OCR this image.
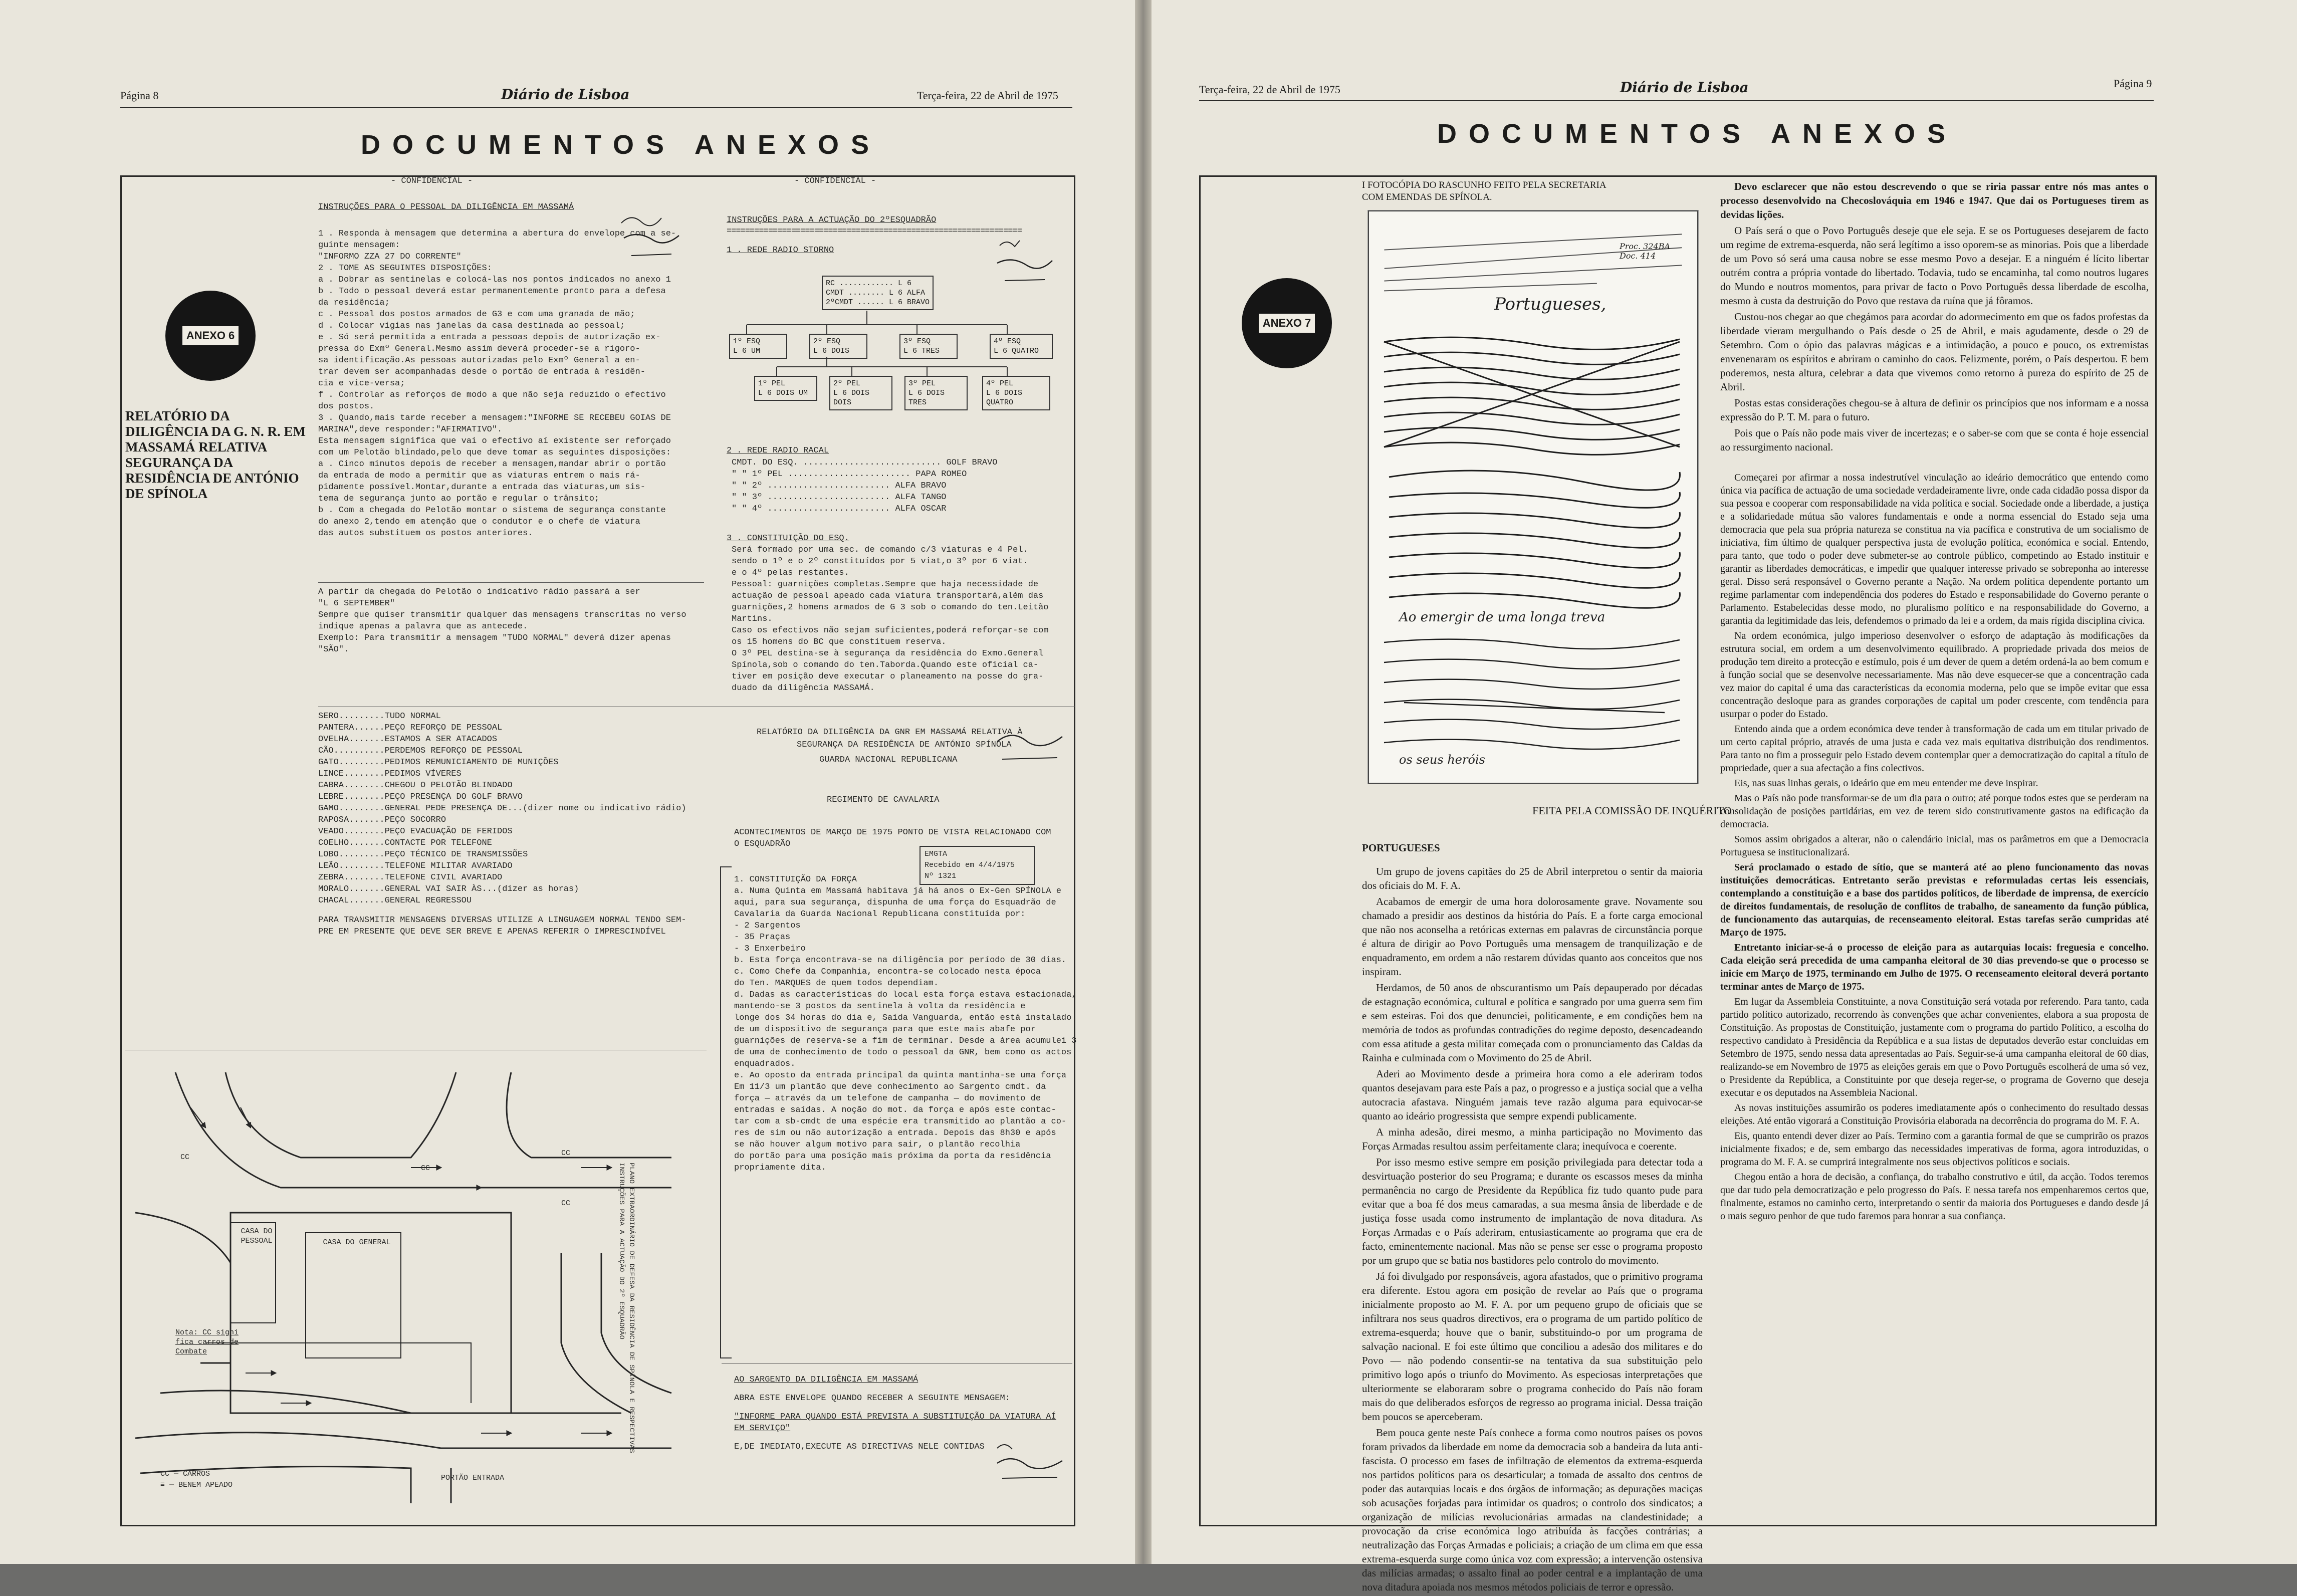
Página 8	Diário de Lisboa	Terça-feira, 22 de Abril de 1975
DOCUMENTOS ANEXOS
ANEXO 6
RELATÓRIO DA DILIGÊNCIA DA G. N. R. EM MASSAMÁ RELATIVA SEGURANÇA DA RESIDÊNCIA DE ANTÓNIO DE SPÍNOLA
- CONFIDENCIAL -
INSTRUÇÕES PARA O PESSOAL DA DILIGÊNCIA EM MASSAMÁ
1 . Responda à mensagem que determina a abertura do envelope com a se-
guinte mensagem:
"INFORMO ZZA 27 DO CORRENTE"
2 . TOME AS SEGUINTES DISPOSIÇÕES:
a . Dobrar as sentinelas e colocá-las nos pontos indicados no anexo 1
b . Todo o pessoal deverá estar permanentemente pronto para a defesa
da residência;
c . Pessoal dos postos armados de G3 e com uma granada de mão;
d . Colocar vigias nas janelas da casa destinada ao pessoal;
e . Só será permitida a entrada a pessoas depois de autorização ex-
pressa do Exmº General.Mesmo assim deverá proceder-se a rigoro-
sa identificação.As pessoas autorizadas pelo Exmº General a en-
trar devem ser acompanhadas desde o portão de entrada à residên-
cia e vice-versa;
f . Controlar as reforços de modo a que não seja reduzido o efectivo
dos postos.
3 . Quando,mais tarde receber a mensagem:"INFORME SE RECEBEU GOIAS DE
MARINA",deve responder:"AFIRMATIVO".
Esta mensagem significa que vai o efectivo aí existente ser reforçado
com um Pelotão blindado,pelo que deve tomar as seguintes disposições:
a . Cinco minutos depois de receber a mensagem,mandar abrir o portão
da entrada de modo a permitir que as viaturas entrem o mais rá-
pidamente possível.Montar,durante a entrada das viaturas,um sis-
tema de segurança junto ao portão e regular o trânsito;
b . Com a chegada do Pelotão montar o sistema de segurança constante
do anexo 2,tendo em atenção que o condutor e o chefe de viatura
das autos substituem os postos anteriores.
A partir da chegada do Pelotão o indicativo rádio passará a ser
"L 6 SEPTEMBER"
Sempre que quiser transmitir qualquer das mensagens transcritas no verso
indique apenas a palavra que as antecede.
Exemplo: Para transmitir a mensagem "TUDO NORMAL" deverá dizer apenas
"SÃO".
- CONFIDENCIAL -
INSTRUÇÕES PARA A ACTUAÇÃO DO 2ºESQUADRÃO
================================================================
1 . REDE RADIO STORNO
RC ............ L 6
CMDT ........ L 6 ALFA
2ºCMDT ...... L 6 BRAVO
1º ESQ
L 6 UM
2º ESQ
L 6 DOIS
3º ESQ
L 6 TRES
4º ESQ
L 6 QUATRO
1º PEL
L 6 DOIS UM
2º PEL
L 6 DOIS DOIS
3º PEL
L 6 DOIS TRES
4º PEL
L 6 DOIS QUATRO
2 . REDE RADIO RACAL
CMDT. DO ESQ. ........................... GOLF BRAVO
" " 1º PEL ........................ PAPA ROMEO
" " 2º ........................ ALFA BRAVO
" " 3º ........................ ALFA TANGO
" " 4º ........................ ALFA OSCAR
3 . CONSTITUIÇÃO DO ESQ.
Será formado por uma sec. de comando c/3 viaturas e 4 Pel.
sendo o 1º e o 2º constituídos por 5 viat,o 3º por 6 viat.
e o 4º pelas restantes.
Pessoal: guarnições completas.Sempre que haja necessidade de
actuação de pessoal apeado cada viatura transportará,além das
guarnições,2 homens armados de G 3 sob o comando do ten.Leitão
Martins.
Caso os efectivos não sejam suficientes,poderá reforçar-se com
os 15 homens do BC que constituem reserva.
O 3º PEL destina-se à segurança da residência do Exmo.General
Spínola,sob o comando do ten.Taborda.Quando este oficial ca-
tiver em posição deve executar o planeamento na posse do gra-
duado da diligência MASSAMÁ.
SERO.........TUDO NORMAL
PANTERA......PEÇO REFORÇO DE PESSOAL
OVELHA.......ESTAMOS A SER ATACADOS
CÃO..........PERDEMOS REFORÇO DE PESSOAL
GATO.........PEDIMOS REMUNICIAMENTO DE MUNIÇÕES
LINCE........PEDIMOS VÍVERES
CABRA........CHEGOU O PELOTÃO BLINDADO
LEBRE........PEÇO PRESENÇA DO GOLF BRAVO
GAMO.........GENERAL PEDE PRESENÇA DE...(dizer nome ou indicativo rádio)
RAPOSA.......PEÇO SOCORRO
VEADO........PEÇO EVACUAÇÃO DE FERIDOS
COELHO.......CONTACTE POR TELEFONE
LOBO.........PEÇO TÉCNICO DE TRANSMISSÕES
LEÃO.........TELEFONE MILITAR AVARIADO
ZEBRA........TELEFONE CIVIL AVARIADO
MORALO.......GENERAL VAI SAIR ÀS...(dizer as horas)
CHACAL.......GENERAL REGRESSOU
PARA TRANSMITIR MENSAGENS DIVERSAS UTILIZE A LINGUAGEM NORMAL TENDO SEM-
PRE EM PRESENTE QUE DEVE SER BREVE E APENAS REFERIR O IMPRESCINDÍVEL
CASA DO PESSOAL	CASA DO GENERAL
CC
CC
CC
CC
Nota: CC signi fica carros de Combate
CC — CARROS
≡ — BENEM APEADO
PORTÃO ENTRADA
PLANO EXTRAORDINÁRIO DE DEFESA DA RESIDÊNCIA DE SPÍNOLA E RESPECTIVAS INSTRUÇÕES PARA A ACTUAÇÃO DO 2º ESQUADRÃO
RELATÓRIO DA DILIGÊNCIA DA GNR EM MASSAMÁ RELATIVA À
SEGURANÇA DA RESIDÊNCIA DE ANTÓNIO SPÍNOLA
GUARDA NACIONAL REPUBLICANA
REGIMENTO DE CAVALARIA
EMGTA
Recebido em 4/4/1975
Nº 1321
ACONTECIMENTOS DE MARÇO DE 1975 PONTO DE VISTA RELACIONADO COM
O ESQUADRÃO
1. CONSTITUIÇÃO DA FORÇA
a. Numa Quinta em Massamá habitava já há anos o Ex-Gen SPÍNOLA e
aqui, para sua segurança, dispunha de uma força do Esquadrão de
Cavalaria da Guarda Nacional Republicana constituída por:
- 2 Sargentos
- 35 Praças
- 3 Enxerbeiro
b. Esta força encontrava-se na diligência por período de 30 dias.
c. Como Chefe da Companhia, encontra-se colocado nesta época
do Ten. MARQUES de quem todos dependiam.
d. Dadas as características do local esta força estava estacionada,
mantendo-se 3 postos da sentinela à volta da residência e
longe dos 34 horas do dia e, Saída Vanguarda, então está instalado
de um dispositivo de segurança para que este mais abafe por
guarnições de reserva-se a fim de terminar. Desde a área acumulei 3
de uma de conhecimento de todo o pessoal da GNR, bem como os actos
enquadrados.
e. Ao oposto da entrada principal da quinta mantinha-se uma força
Em 11/3 um plantão que deve conhecimento ao Sargento cmdt. da
força — através da um telefone de campanha — do movimento de
entradas e saídas. A noção do mot. da força e após este contac-
tar com a sb-cmdt de uma espécie era transmitido ao plantão a co-
res de sim ou não autorização a entrada. Depois das 8h30 e após
se não houver algum motivo para sair, o plantão recolhia
do portão para uma posição mais próxima da porta da residência
propriamente dita.
AO SARGENTO DA DILIGÊNCIA EM MASSAMÁ
ABRA ESTE ENVELOPE QUANDO RECEBER A SEGUINTE MENSAGEM:
"INFORME PARA QUANDO ESTÁ PREVISTA A SUBSTITUIÇÃO DA VIATURA AÍ
EM SERVIÇO"
E,DE IMEDIATO,EXECUTE AS DIRECTIVAS NELE CONTIDAS
Terça-feira, 22 de Abril de 1975	Diário de Lisboa	Página 9
DOCUMENTOS ANEXOS
ANEXO 7
I FOTOCÓPIA DO RASCUNHO FEITO PELA SECRETARIA COM EMENDAS DE SPÍNOLA.
Proc. 324BA Doc. 414
Portugueses,
Ao emergir de uma longa treva
os seus heróis
FEITA PELA COMISSÃO DE INQUÉRITO
PORTUGUESES

Um grupo de jovens capitães do 25 de Abril interpretou o sentir da maioria dos oficiais do M. F. A.

Acabamos de emergir de uma hora dolorosamente grave. Novamente sou chamado a presidir aos destinos da história do País. E a forte carga emocional que não nos aconselha a retóricas externas em palavras de circunstância porque é altura de dirigir ao Povo Português uma mensagem de tranquilização e de enquadramento, em ordem a não restarem dúvidas quanto aos conceitos que nos inspiram.

Herdamos, de 50 anos de obscurantismo um País depauperado por décadas de estagnação económica, cultural e política e sangrado por uma guerra sem fim e sem esteiras. Foi dos que denunciei, politicamente, e em condições bem na memória de todos as profundas contradições do regime deposto, desencadeando com essa atitude a gesta militar começada com o pronunciamento das Caldas da Rainha e culminada com o Movimento do 25 de Abril.

Aderi ao Movimento desde a primeira hora como a ele aderiram todos quantos desejavam para este País a paz, o progresso e a justiça social que a velha autocracia afastava. Ninguém jamais teve razão alguma para equivocar-se quanto ao ideário progressista que sempre expendi publicamente.

A minha adesão, direi mesmo, a minha participação no Movimento das Forças Armadas resultou assim perfeitamente clara; inequívoca e coerente.

Por isso mesmo estive sempre em posição privilegiada para detectar toda a desvirtuação posterior do seu Programa; e durante os escassos meses da minha permanência no cargo de Presidente da República fiz tudo quanto pude para evitar que a boa fé dos meus camaradas, a sua mesma ânsia de liberdade e de justiça fosse usada como instrumento de implantação de nova ditadura. As Forças Armadas e o País aderiram, entusiasticamente ao programa que era de facto, eminentemente nacional. Mas não se pense ser esse o programa proposto por um grupo que se batia nos bastidores pelo controlo do movimento.

Já foi divulgado por responsáveis, agora afastados, que o primitivo programa era diferente. Estou agora em posição de revelar ao País que o programa inicialmente proposto ao M. F. A. por um pequeno grupo de oficiais que se infiltrara nos seus quadros directivos, era o programa de um partido político de extrema-esquerda; houve que o banir, substituindo-o por um programa de salvação nacional. E foi este último que conciliou a adesão dos militares e do Povo — não podendo consentir-se na tentativa da sua substituição pelo primitivo logo após o triunfo do Movimento. As especiosas interpretações que ulteriormente se elaboraram sobre o programa conhecido do País não foram mais do que deliberados esforços de regresso ao programa inicial. Dessa traição bem poucos se aperceberam.

Bem pouca gente neste País conhece a forma como noutros países os povos foram privados da liberdade em nome da democracia sob a bandeira da luta anti-fascista. O processo em fases de infiltração de elementos da extrema-esquerda nos partidos políticos para os desarticular; a tomada de assalto dos centros de poder das autarquias locais e dos órgãos de informação; as depurações maciças sob acusações forjadas para intimidar os quadros; o controlo dos sindicatos; a organização de milícias revolucionárias armadas na clandestinidade; a provocação da crise económica logo atribuída às facções contrárias; a neutralização das Forças Armadas e policiais; a criação de um clima em que essa extrema-esquerda surge como única voz com expressão; a intervenção ostensiva das milícias armadas; o assalto final ao poder central e a implantação de uma nova ditadura apoiada nos mesmos métodos policiais de terror e opressão.

Devo esclarecer que não estou descrevendo o que se riria passar entre nós mas antes o processo desenvolvido na Checoslováquia em 1946 e 1947. Que dai os Portugueses tirem as devidas lições.

O País será o que o Povo Português deseje que ele seja. E se os Portugueses desejarem de facto um regime de extrema-esquerda, não será legítimo a isso oporem-se as minorias. Pois que a liberdade de um Povo só será uma causa nobre se esse mesmo Povo a desejar. E a ninguém é lícito libertar outrém contra a própria vontade do libertado. Todavia, tudo se encaminha, tal como noutros lugares do Mundo e noutros momentos, para privar de facto o Povo Português dessa liberdade de escolha, mesmo à custa da destruição do Povo que restava da ruína que já fôramos.

Custou-nos chegar ao que chegámos para acordar do adormecimento em que os fados profestas da liberdade vieram mergulhando o País desde o 25 de Abril, e mais agudamente, desde o 29 de Setembro. Com o ópio das palavras mágicas e a intimidação, a pouco e pouco, os extremistas envenenaram os espíritos e abriram o caminho do caos. Felizmente, porém, o País despertou. E bem poderemos, nesta altura, celebrar a data que vivemos como retorno à pureza do espírito de 25 de Abril.

Postas estas considerações chegou-se à altura de definir os princípios que nos informam e a nossa expressão do P. T. M. para o futuro.

Pois que o País não pode mais viver de incertezas; e o saber-se com que se conta é hoje essencial ao ressurgimento nacional.

Começarei por afirmar a nossa indestrutível vinculação ao ideário democrático que entendo como única via pacífica de actuação de uma sociedade verdadeiramente livre, onde cada cidadão possa dispor da sua pessoa e cooperar com responsabilidade na vida política e social. Sociedade onde a liberdade, a justiça e a solidariedade mútua são valores fundamentais e onde a norma essencial do Estado seja uma democracia que pela sua própria natureza se constitua na via pacífica e construtiva de um socialismo de iniciativa, fim último de qualquer perspectiva justa de evolução política, económica e social. Entendo, para tanto, que todo o poder deve submeter-se ao controle público, competindo ao Estado instituir e garantir as liberdades democráticas, e impedir que qualquer interesse privado se sobreponha ao interesse geral. Disso será responsável o Governo perante a Nação. Na ordem política dependente portanto um regime parlamentar com independência dos poderes do Estado e responsabilidade do Governo perante o Parlamento. Estabelecidas desse modo, no pluralismo político e na responsabilidade do Governo, a garantia da legitimidade das leis, defendemos o primado da lei e a ordem, da mais rígida disciplina cívica.

Na ordem económica, julgo imperioso desenvolver o esforço de adaptação às modificações da estrutura social, em ordem a um desenvolvimento equilibrado. A propriedade privada dos meios de produção tem direito a protecção e estímulo, pois é um dever de quem a detém ordená-la ao bem comum e à função social que se desenvolve necessariamente. Mas não deve esquecer-se que a concentração cada vez maior do capital é uma das características da economia moderna, pelo que se impõe evitar que essa concentração desloque para as grandes corporações de capital um poder crescente, com tendência para usurpar o poder do Estado.

Entendo ainda que a ordem económica deve tender à transformação de cada um em titular privado de um certo capital próprio, através de uma justa e cada vez mais equitativa distribuição dos rendimentos. Para tanto no fim a prosseguir pelo Estado devem contemplar quer a democratização do capital a título de propriedade, quer a sua afectação a fins colectivos.

Eis, nas suas linhas gerais, o ideário que em meu entender me deve inspirar.

Mas o País não pode transformar-se de um dia para o outro; até porque todos estes que se perderam na consolidação de posições partidárias, em vez de terem sido construtivamente gastos na edificação da democracia.

Somos assim obrigados a alterar, não o calendário inicial, mas os parâmetros em que a Democracia Portuguesa se institucionalizará.

Será proclamado o estado de sítio, que se manterá até ao pleno funcionamento das novas instituições democráticas. Entretanto serão previstas e reformuladas certas leis essenciais, contemplando a constituição e a base dos partidos políticos, de liberdade de imprensa, de exercício de direitos fundamentais, de resolução de conflitos de trabalho, de saneamento da função pública, de funcionamento das autarquias, de recenseamento eleitoral. Estas tarefas serão cumpridas até Março de 1975.

Entretanto iniciar-se-á o processo de eleição para as autarquias locais: freguesia e concelho. Cada eleição será precedida de uma campanha eleitoral de 30 dias prevendo-se que o processo se inicie em Março de 1975, terminando em Julho de 1975. O recenseamento eleitoral deverá portanto terminar antes de Março de 1975.

Em lugar da Assembleia Constituinte, a nova Constituição será votada por referendo. Para tanto, cada partido político autorizado, recorrendo às convenções que achar convenientes, elabora a sua proposta de Constituição. As propostas de Constituição, justamente com o programa do partido Político, a escolha do respectivo candidato à Presidência da República e a sua listas de deputados deverão estar concluídas em Setembro de 1975, sendo nessa data apresentadas ao País. Seguir-se-á uma campanha eleitoral de 60 dias, realizando-se em Novembro de 1975 as eleições gerais em que o Povo Português escolherá de uma só vez, o Presidente da República, a Constituinte por que deseja reger-se, o programa de Governo que deseja executar e os deputados na Assembleia Nacional.

As novas instituições assumirão os poderes imediatamente após o conhecimento do resultado dessas eleições. Até então vigorará a Constituição Provisória elaborada na decorrência do programa do M. F. A.

Eis, quanto entendi dever dizer ao País. Termino com a garantia formal de que se cumprirão os prazos inicialmente fixados; e de, sem embargo das necessidades imperativas de forma, agora introduzidas, o programa do M. F. A. se cumprirá integralmente nos seus objectivos políticos e sociais.

Chegou então a hora de decisão, a confiança, do trabalho construtivo e útil, da acção. Todos teremos que dar tudo pela democratização e pelo progresso do País. E nessa tarefa nos empenharemos certos que, finalmente, estamos no caminho certo, interpretando o sentir da maioria dos Portugueses e dando desde já o mais seguro penhor de que tudo faremos para honrar a sua confiança.
